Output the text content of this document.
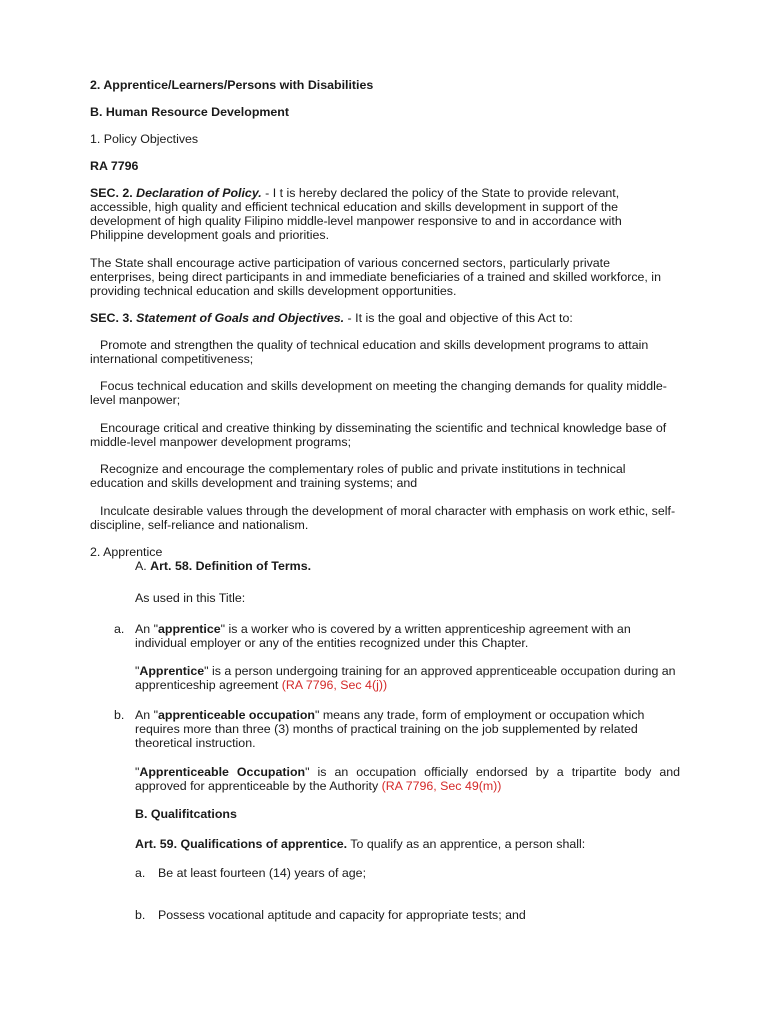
2. Apprentice/Learners/Persons with Disabilities

B. Human Resource Development

1. Policy Objectives

RA 7796

SEC. 2. Declaration of Policy. - I t is hereby declared the policy of the State to provide relevant, accessible, high quality and efficient technical education and skills development in support of the development of high quality Filipino middle-level manpower responsive to and in accordance with Philippine development goals and priorities.

The State shall encourage active participation of various concerned sectors, particularly private enterprises, being direct participants in and immediate beneficiaries of a trained and skilled workforce, in providing technical education and skills development opportunities.

SEC. 3. Statement of Goals and Objectives. - It is the goal and objective of this Act to:

Promote and strengthen the quality of technical education and skills development programs to attain international competitiveness;

Focus technical education and skills development on meeting the changing demands for quality middle-level manpower;

Encourage critical and creative thinking by disseminating the scientific and technical knowledge base of middle-level manpower development programs;

Recognize and encourage the complementary roles of public and private institutions in technical education and skills development and training systems; and

Inculcate desirable values through the development of moral character with emphasis on work ethic, self-discipline, self-reliance and nationalism.

2. Apprentice

A. Art. 58. Definition of Terms.

As used in this Title:

a. An "apprentice" is a worker who is covered by a written apprenticeship agreement with an individual employer or any of the entities recognized under this Chapter.

"Apprentice" is a person undergoing training for an approved apprenticeable occupation during an apprenticeship agreement (RA 7796, Sec 4(j))

b. An "apprenticeable occupation" means any trade, form of employment or occupation which requires more than three (3) months of practical training on the job supplemented by related theoretical instruction.

"Apprenticeable Occupation" is an occupation officially endorsed by a tripartite body and approved for apprenticeable by the Authority (RA 7796, Sec 49(m))

B. Qualifitcations

Art. 59. Qualifications of apprentice. To qualify as an apprentice, a person shall:

a. Be at least fourteen (14) years of age;

b. Possess vocational aptitude and capacity for appropriate tests; and
